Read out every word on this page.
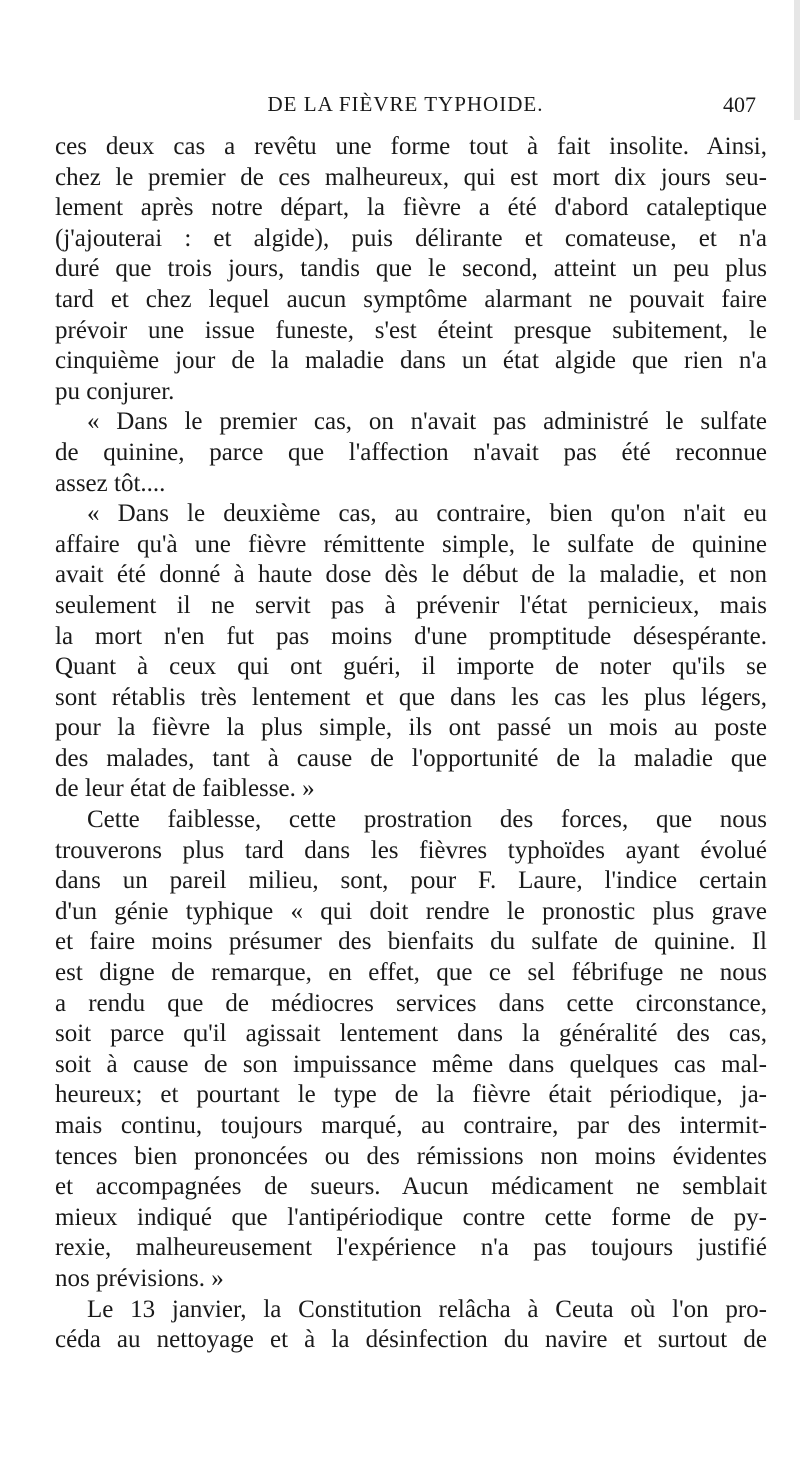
DE LA FIÈVRE TYPHOIDE.	407
ces deux cas a revêtu une forme tout à fait insolite. Ainsi,
chez le premier de ces malheureux, qui est mort dix jours seu-
lement après notre départ, la fièvre a été d'abord cataleptique
(j'ajouterai : et algide), puis délirante et comateuse, et n'a
duré que trois jours, tandis que le second, atteint un peu plus
tard et chez lequel aucun symptôme alarmant ne pouvait faire
prévoir une issue funeste, s'est éteint presque subitement, le
cinquième jour de la maladie dans un état algide que rien n'a
pu conjurer.
« Dans le premier cas, on n'avait pas administré le sulfate
de quinine, parce que l'affection n'avait pas été reconnue
assez tôt....
« Dans le deuxième cas, au contraire, bien qu'on n'ait eu
affaire qu'à une fièvre rémittente simple, le sulfate de quinine
avait été donné à haute dose dès le début de la maladie, et non
seulement il ne servit pas à prévenir l'état pernicieux, mais
la mort n'en fut pas moins d'une promptitude désespérante.
Quant à ceux qui ont guéri, il importe de noter qu'ils se
sont rétablis très lentement et que dans les cas les plus légers,
pour la fièvre la plus simple, ils ont passé un mois au poste
des malades, tant à cause de l'opportunité de la maladie que
de leur état de faiblesse. »
Cette faiblesse, cette prostration des forces, que nous
trouverons plus tard dans les fièvres typhoïdes ayant évolué
dans un pareil milieu, sont, pour F. Laure, l'indice certain
d'un génie typhique « qui doit rendre le pronostic plus grave
et faire moins présumer des bienfaits du sulfate de quinine. Il
est digne de remarque, en effet, que ce sel fébrifuge ne nous
a rendu que de médiocres services dans cette circonstance,
soit parce qu'il agissait lentement dans la généralité des cas,
soit à cause de son impuissance même dans quelques cas mal-
heureux; et pourtant le type de la fièvre était périodique, ja-
mais continu, toujours marqué, au contraire, par des intermit-
tences bien prononcées ou des rémissions non moins évidentes
et accompagnées de sueurs. Aucun médicament ne semblait
mieux indiqué que l'antipériodique contre cette forme de py-
rexie, malheureusement l'expérience n'a pas toujours justifié
nos prévisions. »
Le 13 janvier, la Constitution relâcha à Ceuta où l'on pro-
céda au nettoyage et à la désinfection du navire et surtout de
